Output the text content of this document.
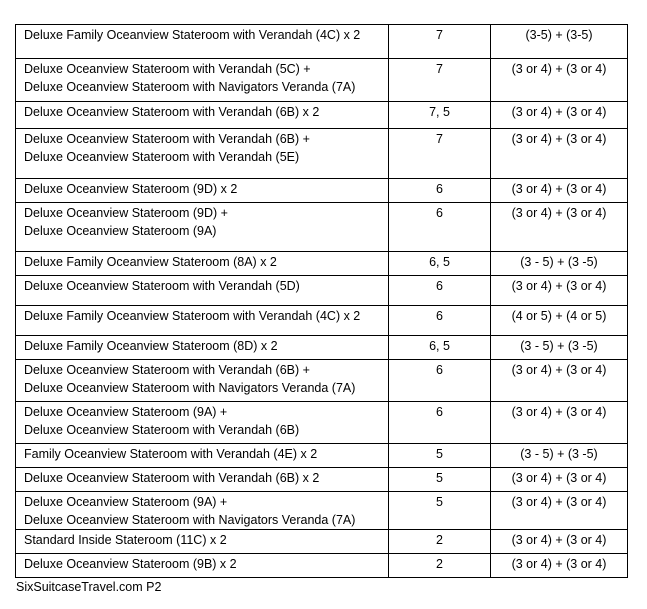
Deluxe Family Oceanview Stateroom with Verandah (4C) x 2	7	(3-5) + (3-5)

Deluxe Oceanview Stateroom with Verandah (5C) +
Deluxe Oceanview Stateroom with Navigators Veranda (7A)	7	(3 or 4) + (3 or 4)

Deluxe Oceanview Stateroom with Verandah (6B) x 2	7, 5	(3 or 4) + (3 or 4)

Deluxe Oceanview Stateroom with Verandah (6B) +
Deluxe Oceanview Stateroom with Verandah (5E)	7	(3 or 4) + (3 or 4)

Deluxe Oceanview Stateroom (9D) x 2	6	(3 or 4) + (3 or 4)

Deluxe Oceanview Stateroom (9D) +
Deluxe Oceanview Stateroom (9A)	6	(3 or 4) + (3 or 4)

Deluxe Family Oceanview Stateroom (8A) x 2	6, 5	(3 - 5) + (3 -5)

Deluxe Oceanview Stateroom with Verandah (5D)	6	(3 or 4) + (3 or 4)

Deluxe Family Oceanview Stateroom with Verandah (4C) x 2	6	(4 or 5) + (4 or 5)

Deluxe Family Oceanview Stateroom (8D) x 2	6, 5	(3 - 5) + (3 -5)

Deluxe Oceanview Stateroom with Verandah (6B) +
Deluxe Oceanview Stateroom with Navigators Veranda (7A)	6	(3 or 4) + (3 or 4)

Deluxe Oceanview Stateroom (9A) +
Deluxe Oceanview Stateroom with Verandah (6B)	6	(3 or 4) + (3 or 4)

Family Oceanview Stateroom with Verandah (4E) x 2	5	(3 - 5) + (3 -5)

Deluxe Oceanview Stateroom with Verandah (6B) x 2	5	(3 or 4) + (3 or 4)

Deluxe Oceanview Stateroom (9A) +
Deluxe Oceanview Stateroom with Navigators Veranda (7A)	5	(3 or 4) + (3 or 4)

Standard Inside Stateroom (11C) x 2	2	(3 or 4) + (3 or 4)

Deluxe Oceanview Stateroom (9B) x 2	2	(3 or 4) + (3 or 4)
SixSuitcaseTravel.com P2
